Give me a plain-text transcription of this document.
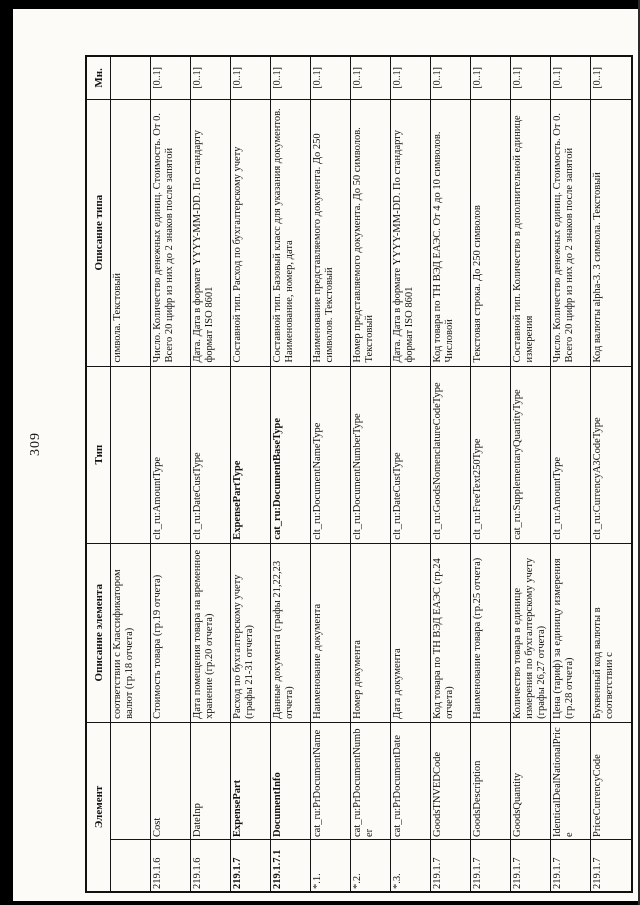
309
Элемент
Описание элемента
Тип
Описание типа
Мн.
соответствии с Классификатором валют (гр.18 отчета)
символа. Текстовый
219.1.6
Cost
Стоимость товара (гр.19 отчета)
clt_ru:AmountType
Число. Количество денежных единиц. Стоимость. От 0. Всего 20 цифр из них до 2 знаков после запятой
[0..1]
219.1.6
DateInp
Дата помещения товара на временное хранение (гр.20 отчета)
clt_ru:DateCustType
Дата. Дата в формате YYYY-MM-DD. По стандарту формат ISO 8601
[0..1]
219.1.7
ExpensePart
Расход по бухгалтерскому учету (графы 21-31 отчета)
ExpensePartType
Составной тип. Расход по бухгалтерскому учету
[0..1]
219.1.7.1
DocumentInfo
Данные документа (графы 21,22,23 отчета)
cat_ru:DocumentBaseType
Составной тип. Базовый класс для указания документов. Наименование, номер, дата
[0..1]
*.1.
cat_ru:PrDocumentName
Наименование документа
clt_ru:DocumentNameType
Наименование представляемого документа. До 250 символов. Текстовый
[0..1]
*.2.
cat_ru:PrDocumentNumber
Номер документа
clt_ru:DocumentNumberType
Номер представляемого документа. До 50 символов. Текстовый
[0..1]
*.3.
cat_ru:PrDocumentDate
Дата документа
clt_ru:DateCustType
Дата. Дата в формате YYYY-MM-DD. По стандарту формат ISO 8601
[0..1]
219.1.7
GoodsTNVEDCode
Код товара по ТН ВЭД ЕАЭС (гр.24 отчета)
clt_ru:GoodsNomenclatureCodeType
Код товара по ТН ВЭД ЕАЭС. От 4 до 10 символов. Числовой
[0..1]
219.1.7
GoodsDescription
Наименование товара (гр.25 отчета)
clt_ru:FreeText250Type
Текстовая строка. До 250 символов
[0..1]
219.1.7
GoodsQuantity
Количество товара в единице измерения по бухгалтерскому учету (графы 26,27 отчета)
cat_ru:SupplementaryQuantityType
Составной тип. Количество в дополнительной единице измерения
[0..1]
219.1.7
IdenticalDealNationalPrice
Цена (тариф) за единицу измерения (гр.28 отчета)
clt_ru:AmountType
Число. Количество денежных единиц. Стоимость. От 0. Всего 20 цифр из них до 2 знаков после запятой
[0..1]
219.1.7
PriceCurrencyCode
Буквенный код валюты в соответствии с
clt_ru:CurrencyA3CodeType
Код валюты alpha-3. 3 символа. Текстовый
[0..1]
